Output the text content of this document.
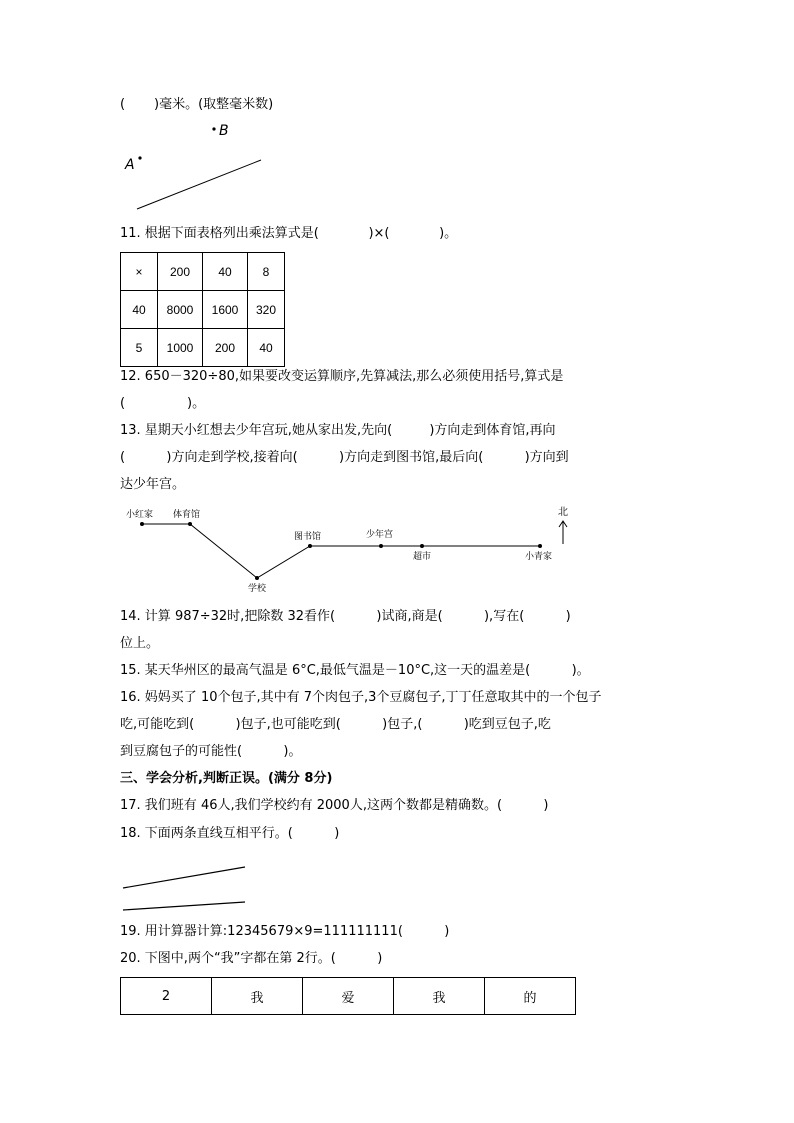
(       )毫米。(取整毫米数)
B
A
11. 根据下面表格列出乘法算式是(            )×(            )。
×	200	40	8
40	8000	1600	320
5	1000	200	40
12. 650－320÷80,如果要改变运算顺序,先算减法,那么必须使用括号,算式是
(               )。
13. 星期天小红想去少年宫玩,她从家出发,先向(         )方向走到体育馆,再向
(          )方向走到学校,接着向(          )方向走到图书馆,最后向(          )方向到
达少年宫。
小红家 体育馆
学校
图书馆	少年宫
超市	小青家
北
14. 计算 987÷32时,把除数 32看作(          )试商,商是(          ),写在(          )
位上。
15. 某天华州区的最高气温是 6°C,最低气温是－10°C,这一天的温差是(          )。
16. 妈妈买了 10个包子,其中有 7个肉包子,3个豆腐包子,丁丁任意取其中的一个包子
吃,可能吃到(          )包子,也可能吃到(          )包子,(          )吃到豆包子,吃
到豆腐包子的可能性(          )。
三、学会分析,判断正误。(满分 8分)
17. 我们班有 46人,我们学校约有 2000人,这两个数都是精确数。(          )
18. 下面两条直线互相平行。(          )
19. 用计算器计算:12345679×9=111111111(          )
20. 下图中,两个“我”字都在第 2行。(          )
2	我	爱	我	的
